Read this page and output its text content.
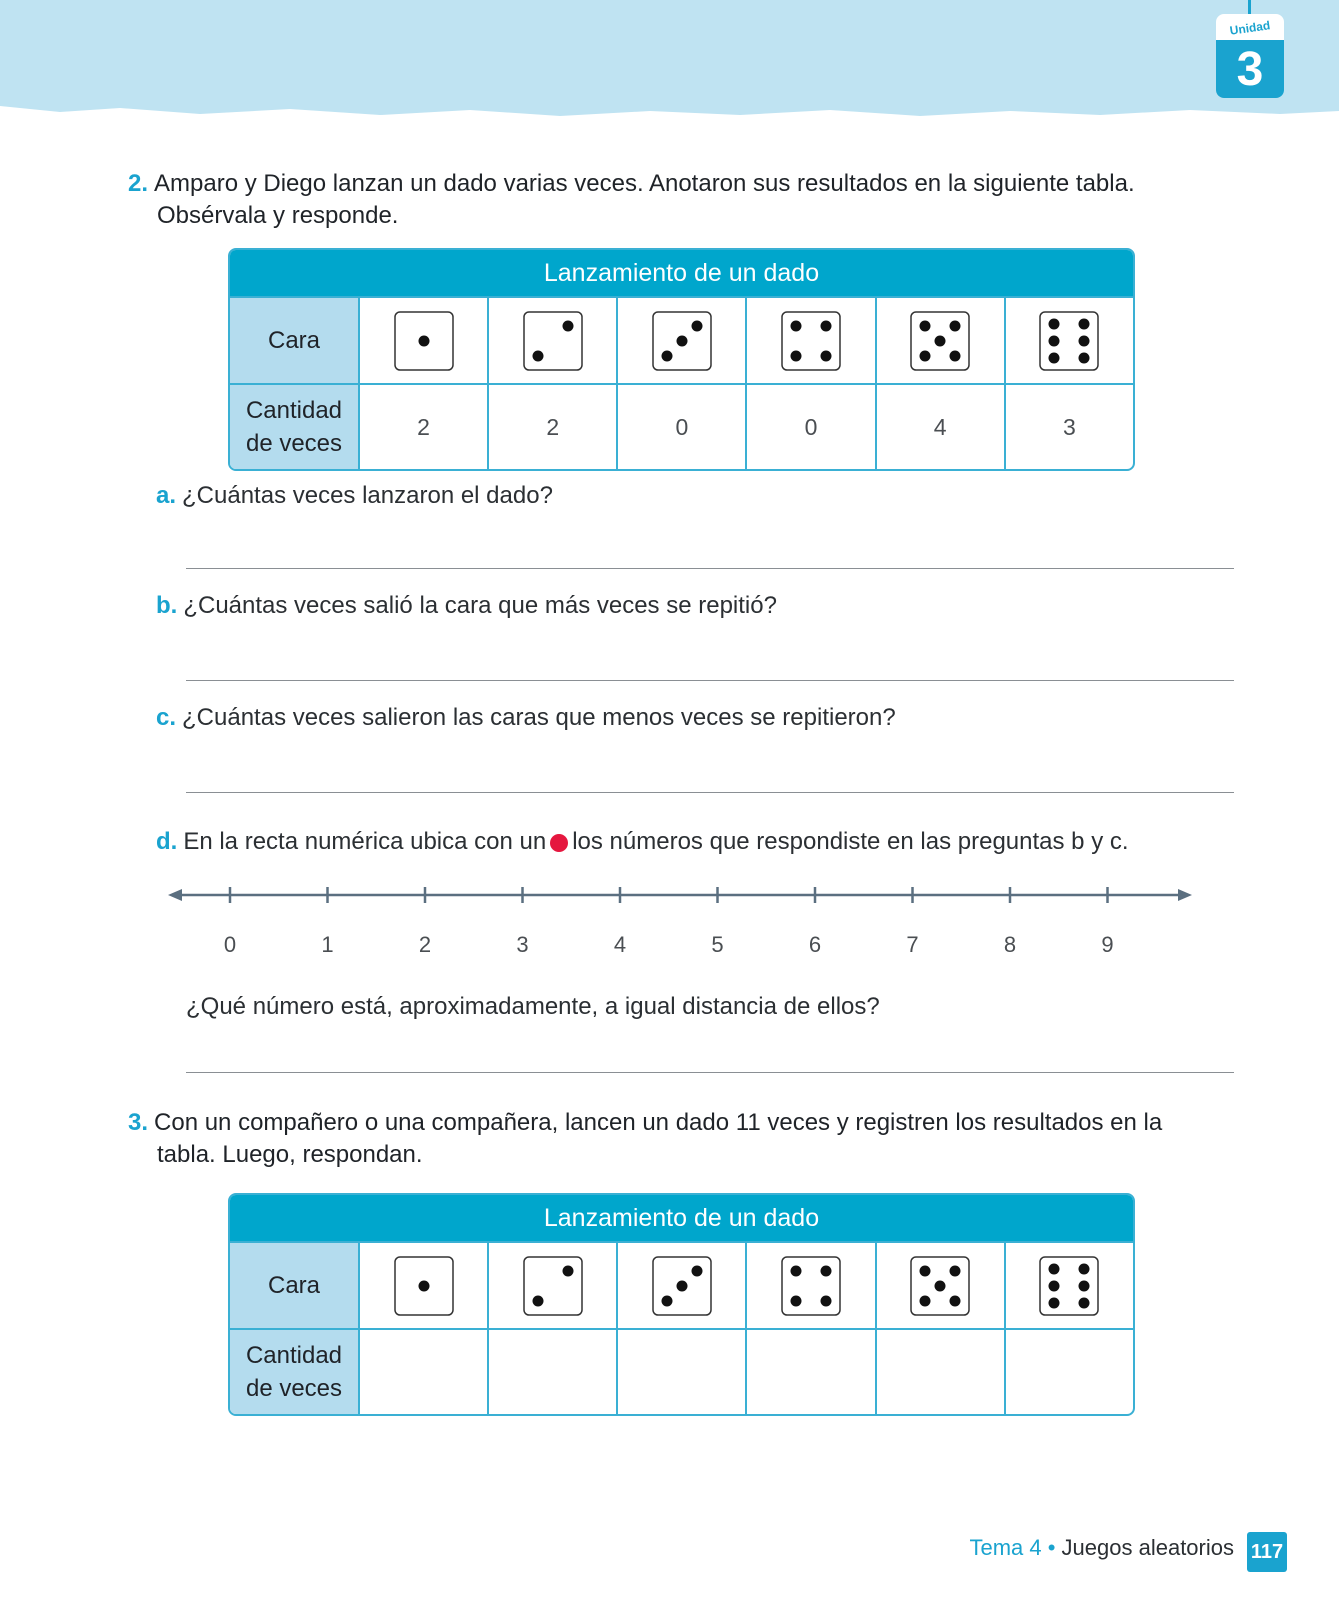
Unidad
3
2. Amparo y Diego lanzan un dado varias veces. Anotaron sus resultados en la siguiente tabla.
Obsérvala y responde.
Lanzamiento de un dado						
Cara						
Cantidad
de veces	2	2	0	0	4	3
a. ¿Cuántas veces lanzaron el dado?
b. ¿Cuántas veces salió la cara que más veces se repitió?
c. ¿Cuántas veces salieron las caras que menos veces se repitieron?
d. En la recta numérica ubica con un los números que respondiste en las preguntas b y c.
0	1	2	3	4	5	6	7	8	9
¿Qué número está, aproximadamente, a igual distancia de ellos?
3. Con un compañero o una compañera, lancen un dado 11 veces y registren los resultados en la
tabla. Luego, respondan.
Lanzamiento de un dado						
Cara						
Cantidad
de veces						
Tema 4 • Juegos aleatorios 117
